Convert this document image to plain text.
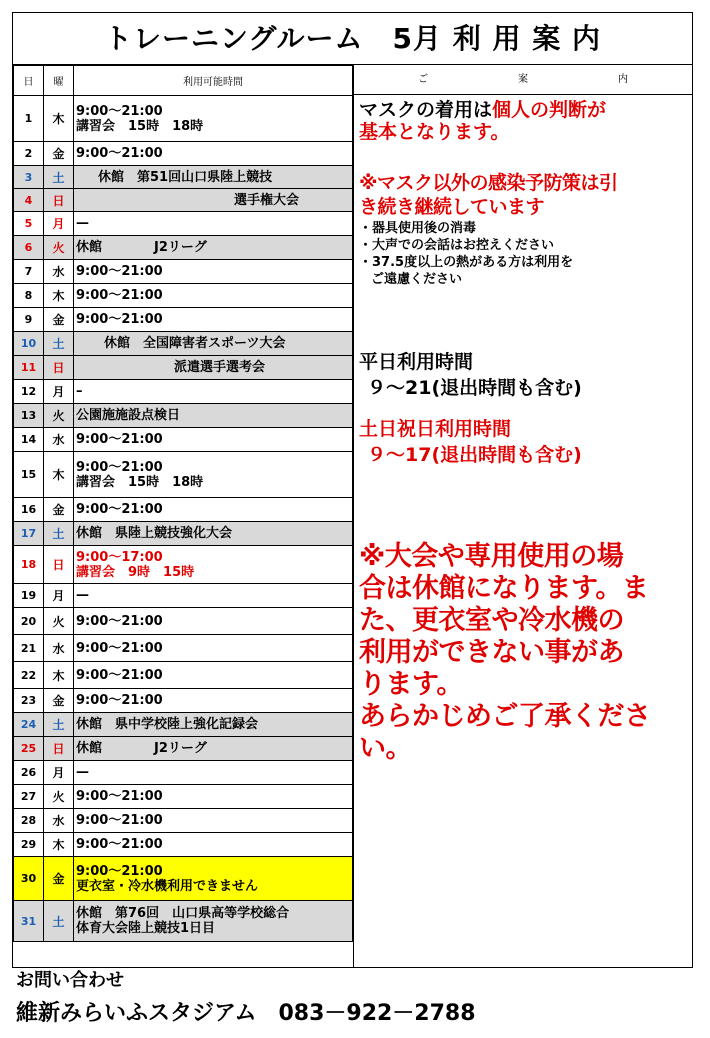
トレーニングルーム　5月 利 用 案 内
日	曜	利用可能時間
1	木	9:00～21:00
講習会　15時　18時

2	金	9:00～21:00
3	土	休館　第51回山口県陸上競技
4	日	選手権大会
5	月	—
6	火	休館　　　　J2リーグ
7	水	9:00～21:00
8	木	9:00～21:00
9	金	9:00～21:00
10	土	休館　全国障害者スポーツ大会
11	日	派遣選手選考会
12	月	–
13	火	公園施施設点検日
14	水	9:00～21:00
15	木	9:00～21:00
講習会　15時　18時

16	金	9:00～21:00
17	土	休館　県陸上競技強化大会
18	日	9:00～17:00
講習会　9時　15時

19	月	—
20	火	9:00～21:00
21	水	9:00～21:00
22	木	9:00～21:00
23	金	9:00～21:00
24	土	休館　県中学校陸上強化記録会
25	日	休館　　　　J2リーグ
26	月	—
27	火	9:00～21:00
28	水	9:00～21:00
29	木	9:00～21:00
30	金	9:00～21:00
更衣室・冷水機利用できません

31	土	休館　第76回　山口県高等学校総合
体育大会陸上競技1日目
ご　案　内
マスクの着用は個人の判断が
基本となります。
※マスク以外の感染予防策は引
き続き継続しています
・器具使用後の消毒
・大声での会話はお控えください
・37.5度以上の熱がある方は利用を
ご遠慮ください
平日利用時間
９～21(退出時間も含む)
土日祝日利用時間
９～17(退出時間も含む)
※大会や専用使用の場
合は休館になります。ま
た、更衣室や冷水機の
利用ができない事があ
ります。
あらかじめご了承くださ
い。
お問い合わせ
維新みらいふスタジアム　083－922－2788
